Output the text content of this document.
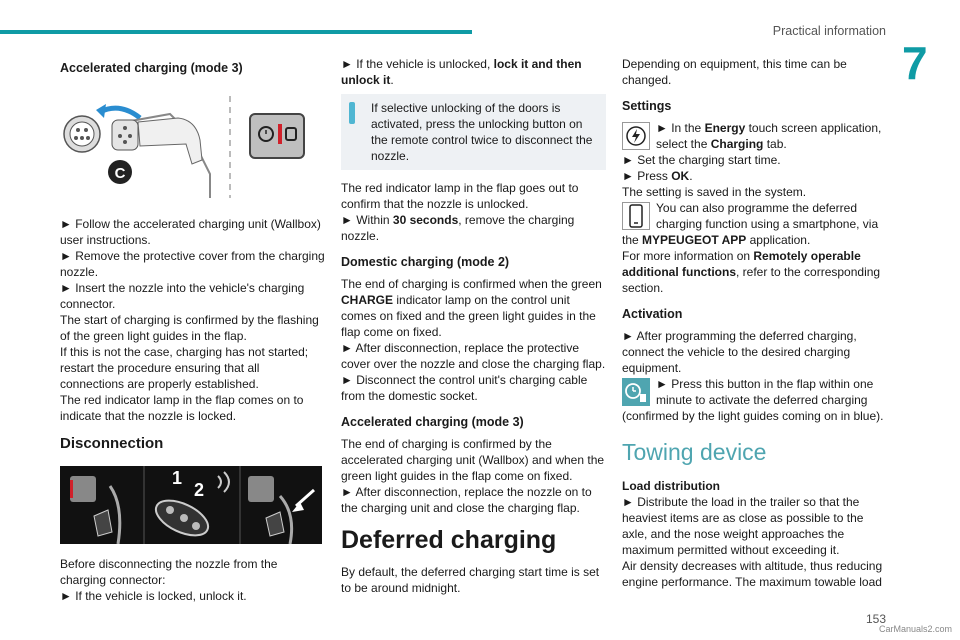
Practical information
7
Accelerated charging (mode 3)
C

► Follow the accelerated charging unit (Wallbox) user instructions.

► Remove the protective cover from the charging nozzle.

► Insert the nozzle into the vehicle's charging connector.

The start of charging is confirmed by the flashing of the green light guides in the flap.

If this is not the case, charging has not started; restart the procedure ensuring that all connections are properly established.

The red indicator lamp in the flap comes on to indicate that the nozzle is locked.

Disconnection
1
2

Before disconnecting the nozzle from the charging connector:

► If the vehicle is locked, unlock it.

► If the vehicle is unlocked, lock it and then unlock it.

If selective unlocking of the doors is activated, press the unlocking button on the remote control twice to disconnect the nozzle.

The red indicator lamp in the flap goes out to confirm that the nozzle is unlocked.

► Within 30 seconds, remove the charging nozzle.

Domestic charging (mode 2)

The end of charging is confirmed when the green CHARGE indicator lamp on the control unit comes on fixed and the green light guides in the flap come on fixed.

► After disconnection, replace the protective cover over the nozzle and close the charging flap.

► Disconnect the control unit's charging cable from the domestic socket.

Accelerated charging (mode 3)

The end of charging is confirmed by the accelerated charging unit (Wallbox) and when the green light guides in the flap come on fixed.

► After disconnection, replace the nozzle on to the charging unit and close the charging flap.

Deferred charging

By default, the deferred charging start time is set to be around midnight.

Depending on equipment, this time can be changed.

Settings

► In the Energy touch screen application, select the Charging tab.

► Set the charging start time.

► Press OK.

The setting is saved in the system.

You can also programme the deferred charging function using a smartphone, via the MYPEUGEOT APP application.

For more information on Remotely operable additional functions, refer to the corresponding section.

Activation

► After programming the deferred charging, connect the vehicle to the desired charging equipment.

► Press this button in the flap within one minute to activate the deferred charging (confirmed by the light guides coming on in blue).

Towing device

Load distribution

► Distribute the load in the trailer so that the heaviest items are as close as possible to the axle, and the nose weight approaches the maximum permitted without exceeding it.

Air density decreases with altitude, thus reducing engine performance. The maximum towable load

153
CarManuals2.com
